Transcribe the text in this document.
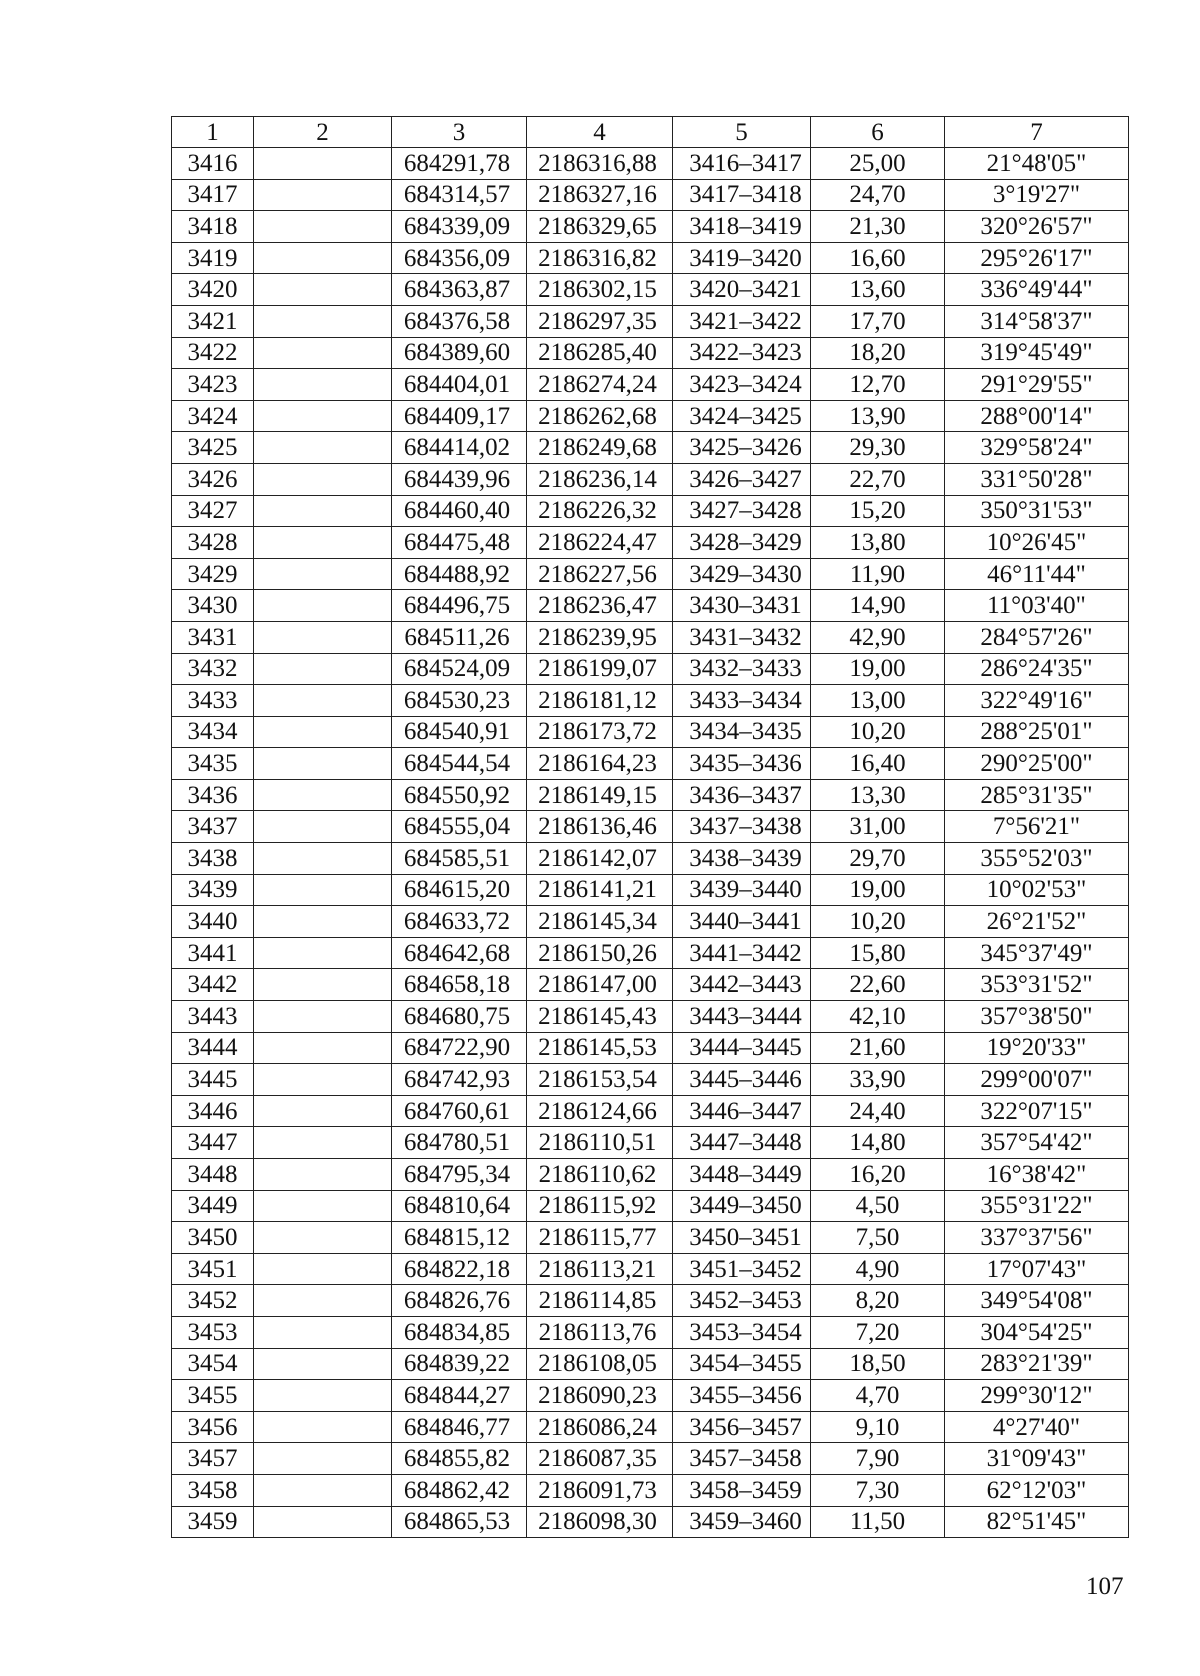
1	2	3	4	5	6	7
3416		684291,78	2186316,88	3416–3417	25,00	21°48'05"
3417		684314,57	2186327,16	3417–3418	24,70	3°19'27"
3418		684339,09	2186329,65	3418–3419	21,30	320°26'57"
3419		684356,09	2186316,82	3419–3420	16,60	295°26'17"
3420		684363,87	2186302,15	3420–3421	13,60	336°49'44"
3421		684376,58	2186297,35	3421–3422	17,70	314°58'37"
3422		684389,60	2186285,40	3422–3423	18,20	319°45'49"
3423		684404,01	2186274,24	3423–3424	12,70	291°29'55"
3424		684409,17	2186262,68	3424–3425	13,90	288°00'14"
3425		684414,02	2186249,68	3425–3426	29,30	329°58'24"
3426		684439,96	2186236,14	3426–3427	22,70	331°50'28"
3427		684460,40	2186226,32	3427–3428	15,20	350°31'53"
3428		684475,48	2186224,47	3428–3429	13,80	10°26'45"
3429		684488,92	2186227,56	3429–3430	11,90	46°11'44"
3430		684496,75	2186236,47	3430–3431	14,90	11°03'40"
3431		684511,26	2186239,95	3431–3432	42,90	284°57'26"
3432		684524,09	2186199,07	3432–3433	19,00	286°24'35"
3433		684530,23	2186181,12	3433–3434	13,00	322°49'16"
3434		684540,91	2186173,72	3434–3435	10,20	288°25'01"
3435		684544,54	2186164,23	3435–3436	16,40	290°25'00"
3436		684550,92	2186149,15	3436–3437	13,30	285°31'35"
3437		684555,04	2186136,46	3437–3438	31,00	7°56'21"
3438		684585,51	2186142,07	3438–3439	29,70	355°52'03"
3439		684615,20	2186141,21	3439–3440	19,00	10°02'53"
3440		684633,72	2186145,34	3440–3441	10,20	26°21'52"
3441		684642,68	2186150,26	3441–3442	15,80	345°37'49"
3442		684658,18	2186147,00	3442–3443	22,60	353°31'52"
3443		684680,75	2186145,43	3443–3444	42,10	357°38'50"
3444		684722,90	2186145,53	3444–3445	21,60	19°20'33"
3445		684742,93	2186153,54	3445–3446	33,90	299°00'07"
3446		684760,61	2186124,66	3446–3447	24,40	322°07'15"
3447		684780,51	2186110,51	3447–3448	14,80	357°54'42"
3448		684795,34	2186110,62	3448–3449	16,20	16°38'42"
3449		684810,64	2186115,92	3449–3450	4,50	355°31'22"
3450		684815,12	2186115,77	3450–3451	7,50	337°37'56"
3451		684822,18	2186113,21	3451–3452	4,90	17°07'43"
3452		684826,76	2186114,85	3452–3453	8,20	349°54'08"
3453		684834,85	2186113,76	3453–3454	7,20	304°54'25"
3454		684839,22	2186108,05	3454–3455	18,50	283°21'39"
3455		684844,27	2186090,23	3455–3456	4,70	299°30'12"
3456		684846,77	2186086,24	3456–3457	9,10	4°27'40"
3457		684855,82	2186087,35	3457–3458	7,90	31°09'43"
3458		684862,42	2186091,73	3458–3459	7,30	62°12'03"
3459		684865,53	2186098,30	3459–3460	11,50	82°51'45"
107
